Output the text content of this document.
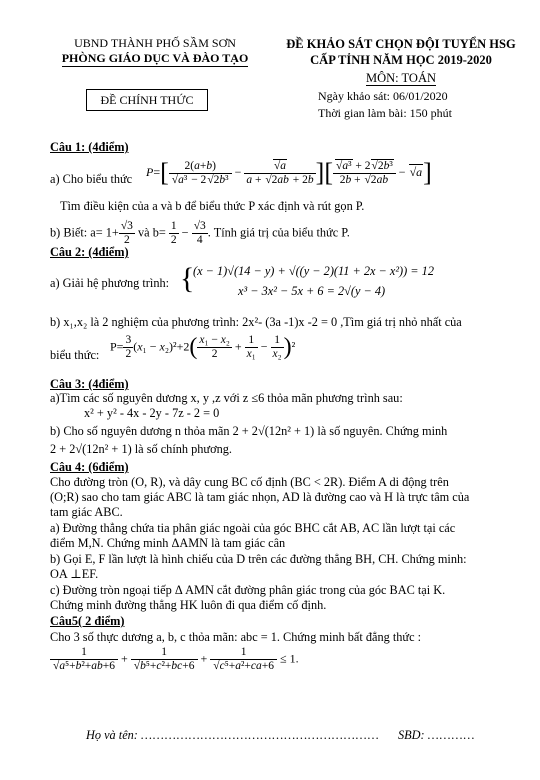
UBND THÀNH PHỐ SẦM SƠN
PHÒNG GIÁO DỤC VÀ ĐÀO TẠO
ĐỀ CHÍNH THỨC
ĐỀ KHẢO SÁT CHỌN ĐỘI TUYỂN HSG
CẤP TỈNH NĂM HỌC 2019-2020
MÔN: TOÁN
Ngày khảo sát: 06/01/2020
Thời gian làm bài: 150 phút
Câu 1: (4điểm)
a) Cho biểu thức
$P=[ \frac{2(a+b)}{\text{√a³ − 2√2b³}} - \frac{√a}{a + √2ab + 2b}$ ][ $\frac{\text{√a³ + 2√2b³}}{2b + √2ab} - √a$]
Tìm điều kiện của a và b để biểu thức P xác định và rút gọn P.
b) Biết: $a= 1+ \frac{√3}{2}$ và $b= \frac{1}{2} - \frac{√3}{4}$ . Tính giá trị của biểu thức P.
Câu 2: (4điểm)
a) Giải hệ phương trình: {
(x − 1)√(14 − y) + √((y − 2)(11 + 2x − x²)) = 12
x³ − 3x² − 5x + 6 = 2√(y − 4)
b) x₁,x₂ là 2 nghiệm của phương trình: 2x²- (3a -1)x -2 = 0 ,Tìm giá trị nhỏ nhất của
biểu thức:
$P= \frac{3}{2} (x_1 - x_2)^2+2( \frac{\text{x₁ − x₂}}{2} + \frac{1}{\text{x₁}} - \frac{1}{\text{x₂}} )^2$
Câu 3: (4điểm)
a)Tìm các số nguyên dương x, y ,z với z ≤6 thỏa mãn phương trình sau:
x² + y² - 4x - 2y - 7z - 2 = 0
b) Cho số nguyên dương n thỏa mãn 2 + 2√(12n² + 1) là số nguyên. Chứng minh
2 + 2√(12n² + 1) là số chính phương.
Câu 4: (6điểm)
Cho đường tròn (O, R), và dây cung BC cố định (BC < 2R). Điểm A di động trên
(O;R) sao cho tam giác ABC là tam giác nhọn, AD là đường cao và H là trực tâm của
tam giác ABC.
a) Đường thẳng chứa tia phân giác ngoài của góc BHC cắt AB, AC lần lượt tại các
điểm M,N. Chứng minh ΔAMN là tam giác cân
b) Gọi E, F lần lượt là hình chiếu của D trên các đường thẳng BH, CH. Chứng minh:
OA ⊥EF.
c) Đường tròn ngoại tiếp Δ AMN cắt đường phân giác trong của góc BAC tại K.
Chứng minh đường thẳng HK luôn đi qua điểm cố định.
Câu5( 2 điểm)
Cho 3 số thực dương a, b, c thỏa mãn: abc = 1. Chứng minh bất đẳng thức :
$\frac{1}{\text{√a⁵+b²+ab+6}} + \frac{1}{\text{√b⁵+c²+bc+6}} + \frac{1}{\text{√c⁵+a²+ca+6}} \le 1$.
Họ và tên: …………………………………………………… SBD: …………
